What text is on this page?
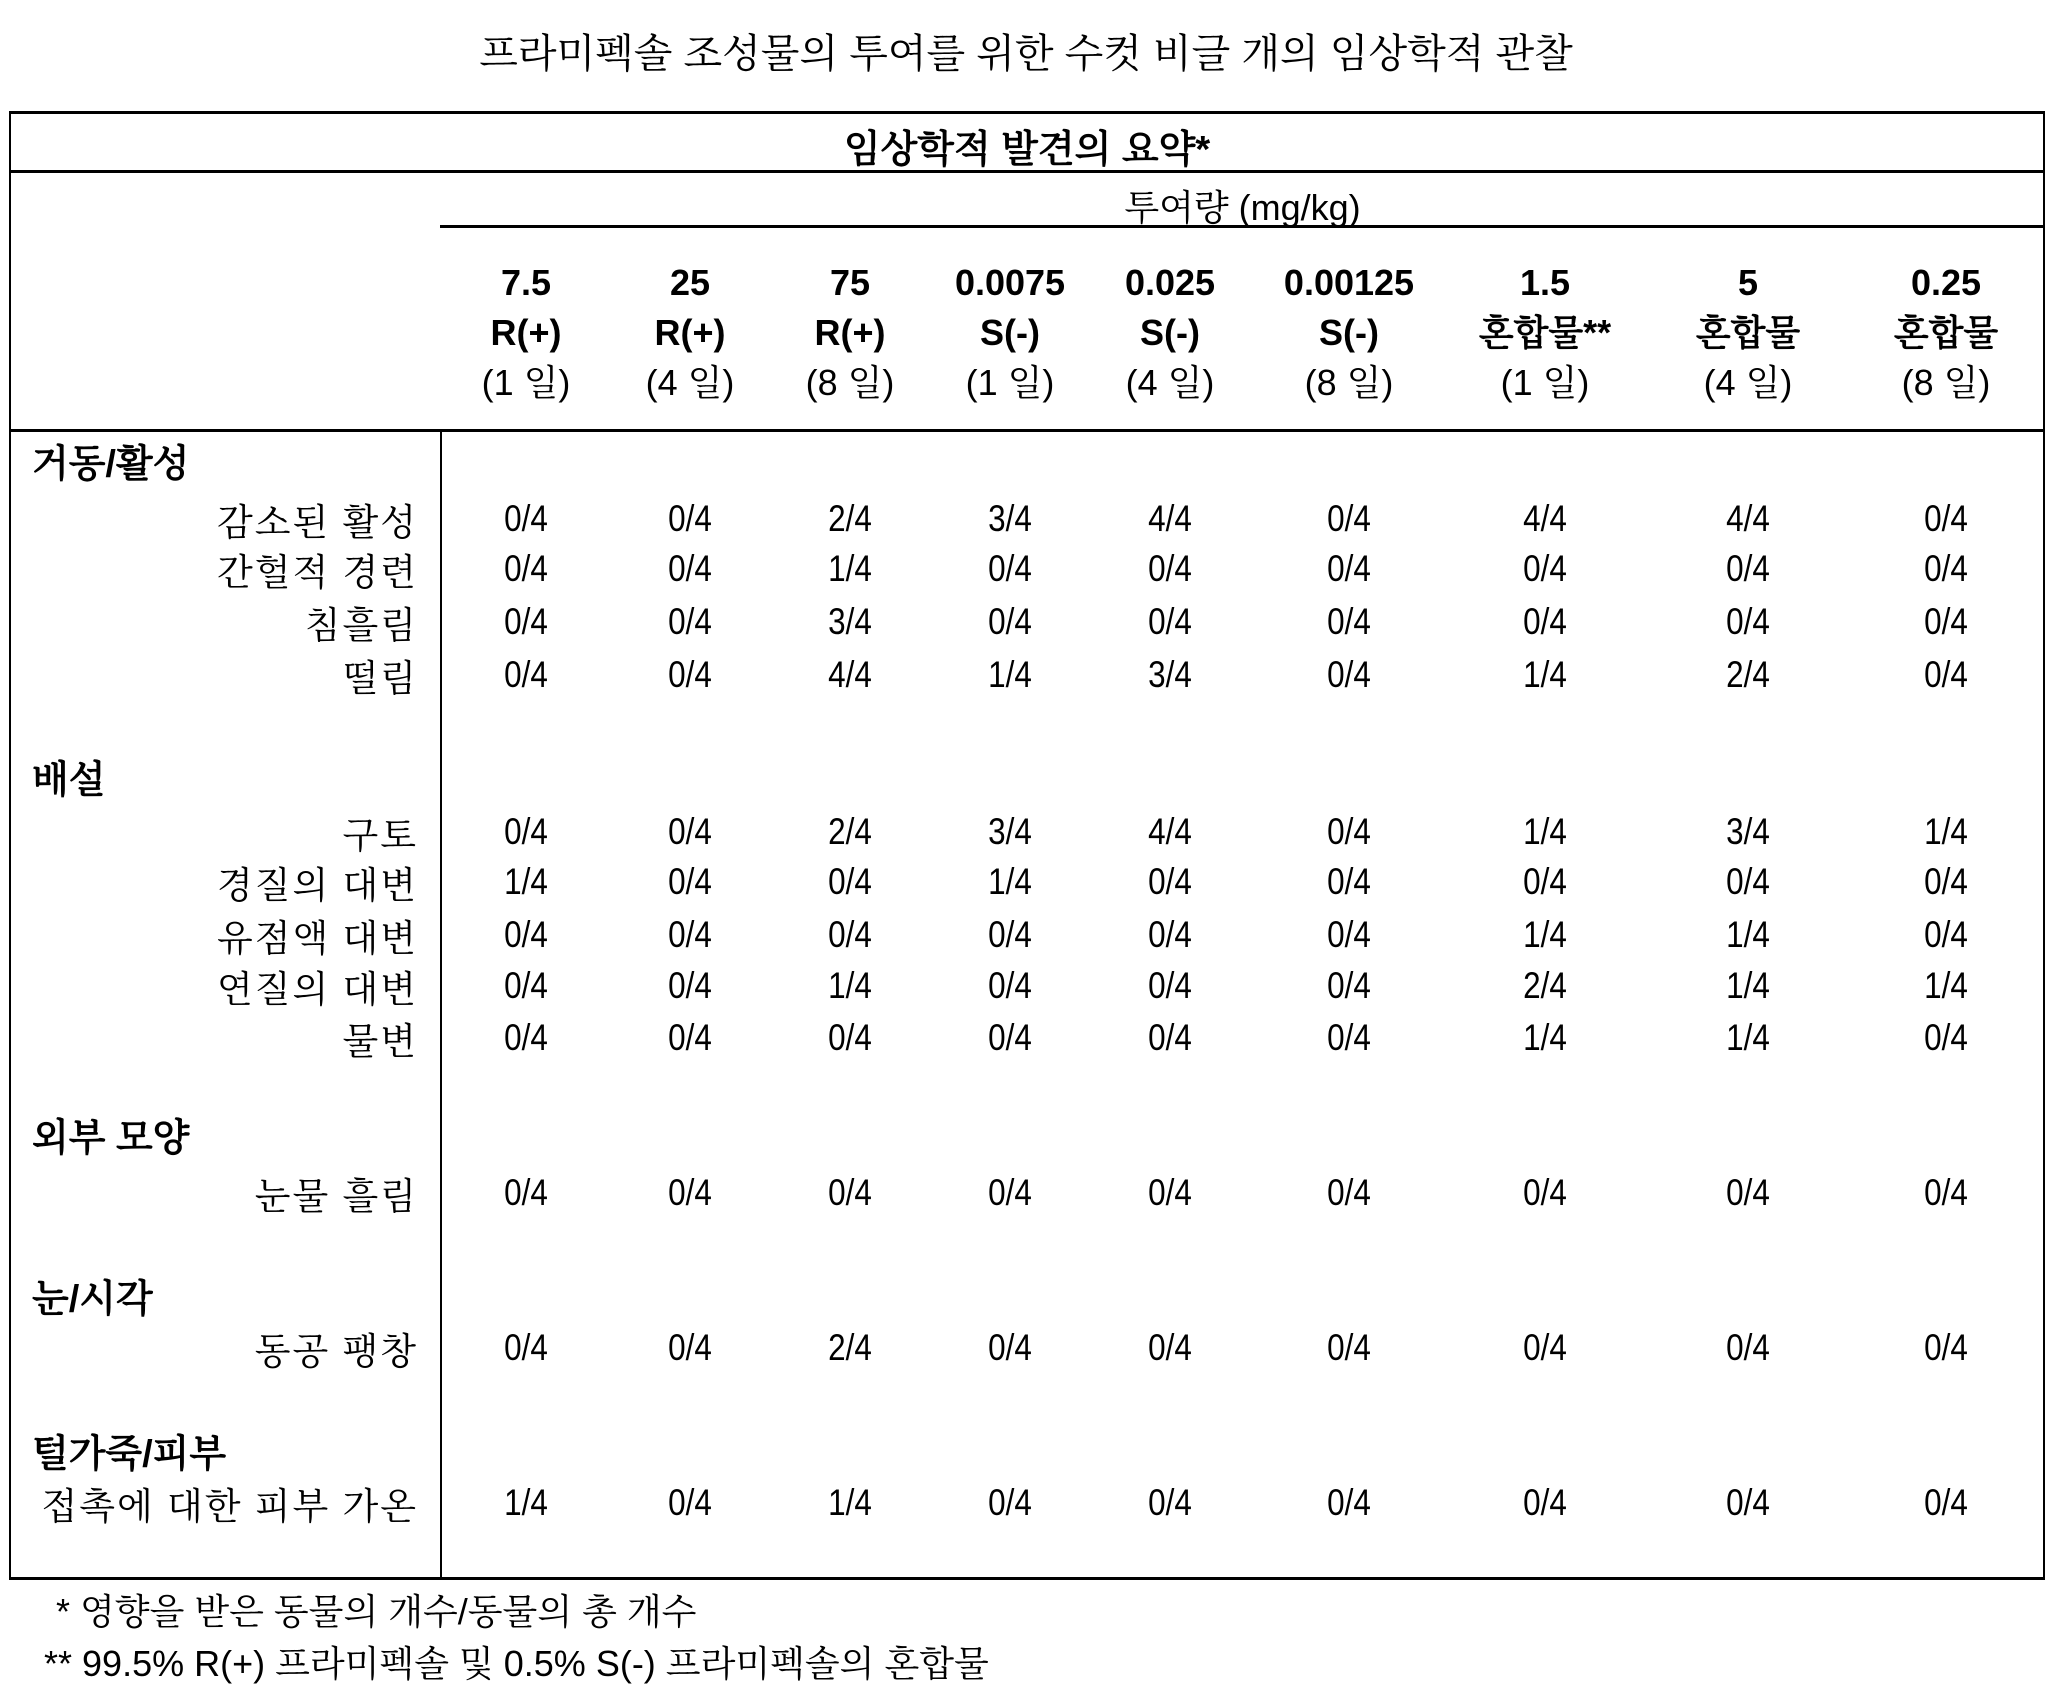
프라미펙솔 조성물의 투여를 위한 수컷 비글 개의 임상학적 관찰
임상학적 발견의 요약*
투여량 (mg/kg)
7.5
R(+)
(1 일)
25
R(+)
(4 일)
75
R(+)
(8 일)
0.0075
S(-)
(1 일)
0.025
S(-)
(4 일)
0.00125
S(-)
(8 일)
1.5
혼합물**
(1 일)
5
혼합물
(4 일)
0.25
혼합물
(8 일)
거동/활성
감소된 활성	0/4	0/4	2/4	3/4	4/4	0/4	4/4	4/4	0/4
간헐적 경련	0/4	0/4	1/4	0/4	0/4	0/4	0/4	0/4	0/4
침흘림	0/4	0/4	3/4	0/4	0/4	0/4	0/4	0/4	0/4
떨림	0/4	0/4	4/4	1/4	3/4	0/4	1/4	2/4	0/4
배설
구토	0/4	0/4	2/4	3/4	4/4	0/4	1/4	3/4	1/4
경질의 대변	1/4	0/4	0/4	1/4	0/4	0/4	0/4	0/4	0/4
유점액 대변	0/4	0/4	0/4	0/4	0/4	0/4	1/4	1/4	0/4
연질의 대변	0/4	0/4	1/4	0/4	0/4	0/4	2/4	1/4	1/4
물변	0/4	0/4	0/4	0/4	0/4	0/4	1/4	1/4	0/4
외부 모양
눈물 흘림	0/4	0/4	0/4	0/4	0/4	0/4	0/4	0/4	0/4
눈/시각
동공 팽창	0/4	0/4	2/4	0/4	0/4	0/4	0/4	0/4	0/4
털가죽/피부
접촉에 대한 피부 가온	1/4	0/4	1/4	0/4	0/4	0/4	0/4	0/4	0/4
* 영향을 받은 동물의 개수/동물의 총 개수
** 99.5% R(+) 프라미펙솔 및 0.5% S(-) 프라미펙솔의 혼합물
